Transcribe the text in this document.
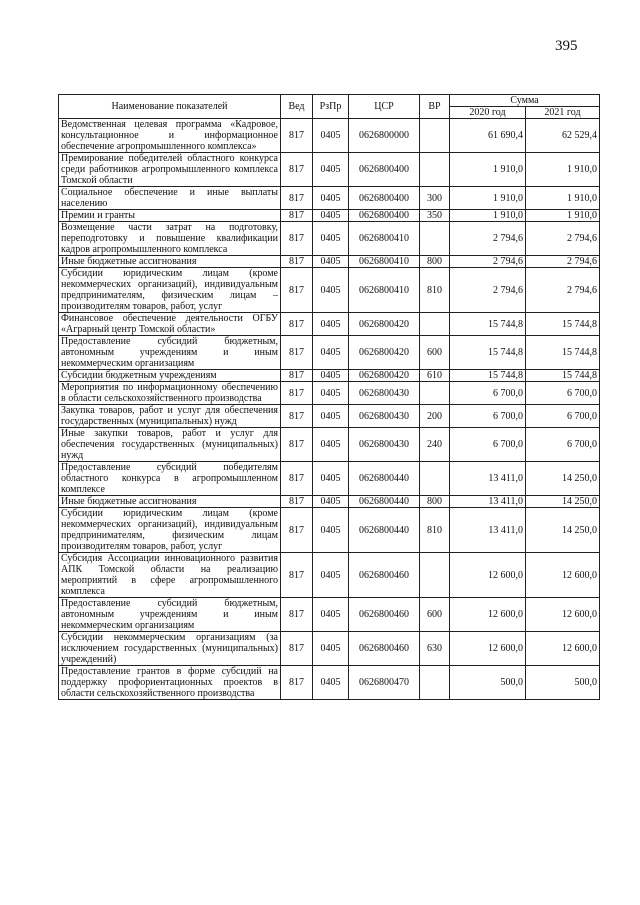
395
Наименование показателей	Вед	РзПр	ЦСР	ВР	Сумма	
					2020 год	2021 год
Ведомственная целевая программа «Кадровое, консультационное и информационное обеспечение агропромышленного комплекса»	817	0405	0626800000		61 690,4	62 529,4
Премирование победителей областного конкурса среди работников агропромышленного комплекса Томской области	817	0405	0626800400		1 910,0	1 910,0
Социальное обеспечение и иные выплаты населению	817	0405	0626800400	300	1 910,0	1 910,0
Премии и гранты	817	0405	0626800400	350	1 910,0	1 910,0
Возмещение части затрат на подготовку, переподготовку и повышение квалификации кадров агропромышленного комплекса	817	0405	0626800410		2 794,6	2 794,6
Иные бюджетные ассигнования	817	0405	0626800410	800	2 794,6	2 794,6
Субсидии юридическим лицам (кроме некоммерческих организаций), индивидуальным предпринимателям, физическим лицам – производителям товаров, работ, услуг	817	0405	0626800410	810	2 794,6	2 794,6
Финансовое обеспечение деятельности ОГБУ «Аграрный центр Томской области»	817	0405	0626800420		15 744,8	15 744,8
Предоставление субсидий бюджетным, автономным учреждениям и иным некоммерческим организациям	817	0405	0626800420	600	15 744,8	15 744,8
Субсидии бюджетным учреждениям	817	0405	0626800420	610	15 744,8	15 744,8
Мероприятия по информационному обеспечению в области сельскохозяйственного производства	817	0405	0626800430		6 700,0	6 700,0
Закупка товаров, работ и услуг для обеспечения государственных (муниципальных) нужд	817	0405	0626800430	200	6 700,0	6 700,0
Иные закупки товаров, работ и услуг для обеспечения государственных (муниципальных) нужд	817	0405	0626800430	240	6 700,0	6 700,0
Предоставление субсидий победителям областного конкурса в агропромышленном комплексе	817	0405	0626800440		13 411,0	14 250,0
Иные бюджетные ассигнования	817	0405	0626800440	800	13 411,0	14 250,0
Субсидии юридическим лицам (кроме некоммерческих организаций), индивидуальным предпринимателям, физическим лицам производителям товаров, работ, услуг	817	0405	0626800440	810	13 411,0	14 250,0
Субсидия Ассоциации инновационного развития АПК Томской области на реализацию мероприятий в сфере агропромышленного комплекса	817	0405	0626800460		12 600,0	12 600,0
Предоставление субсидий бюджетным, автономным учреждениям и иным некоммерческим организациям	817	0405	0626800460	600	12 600,0	12 600,0
Субсидии некоммерческим организациям (за исключением государственных (муниципальных) учреждений)	817	0405	0626800460	630	12 600,0	12 600,0
Предоставление грантов в форме субсидий на поддержку профориентационных проектов в области сельскохозяйственного производства	817	0405	0626800470		500,0	500,0
